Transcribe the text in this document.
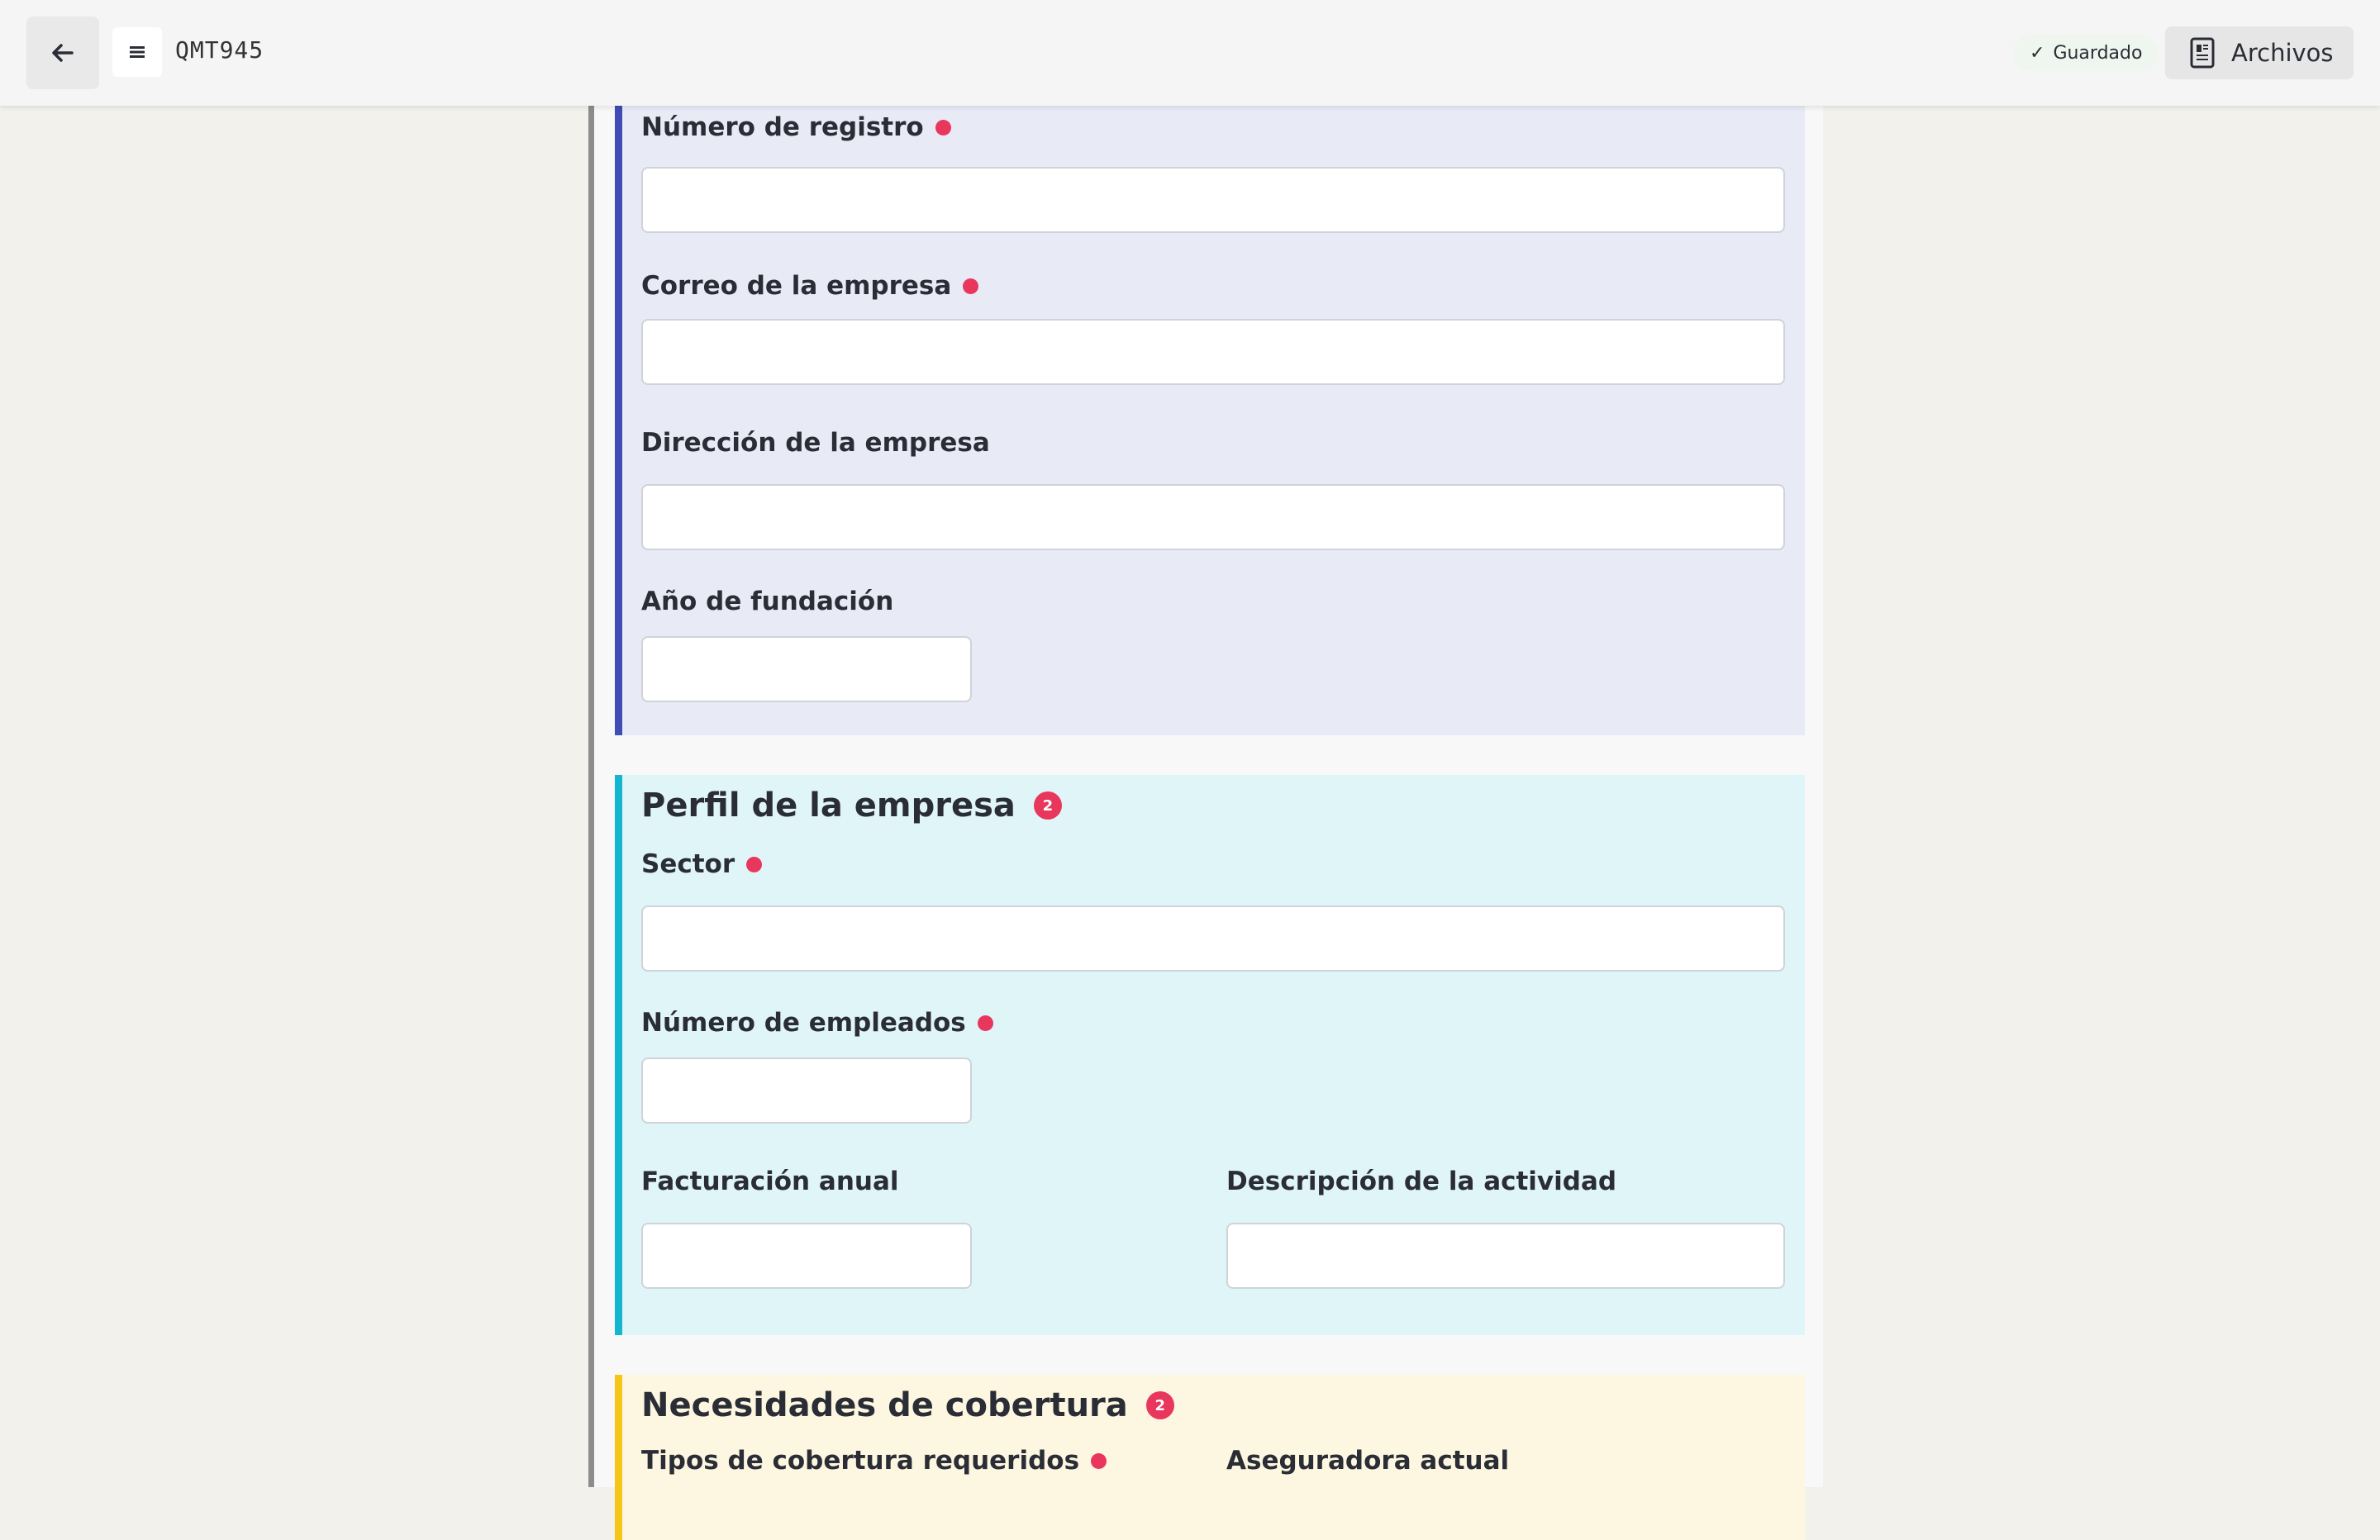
Número de registro
Correo de la empresa
Dirección de la empresa
Año de fundación
Perfil de la empresa	2
Sector
Número de empleados
Facturación anual	Descripción de la actividad
Necesidades de cobertura	2
Tipos de cobertura requeridos	Aseguradora actual
QMT945	✓ Guardado	Archivos
